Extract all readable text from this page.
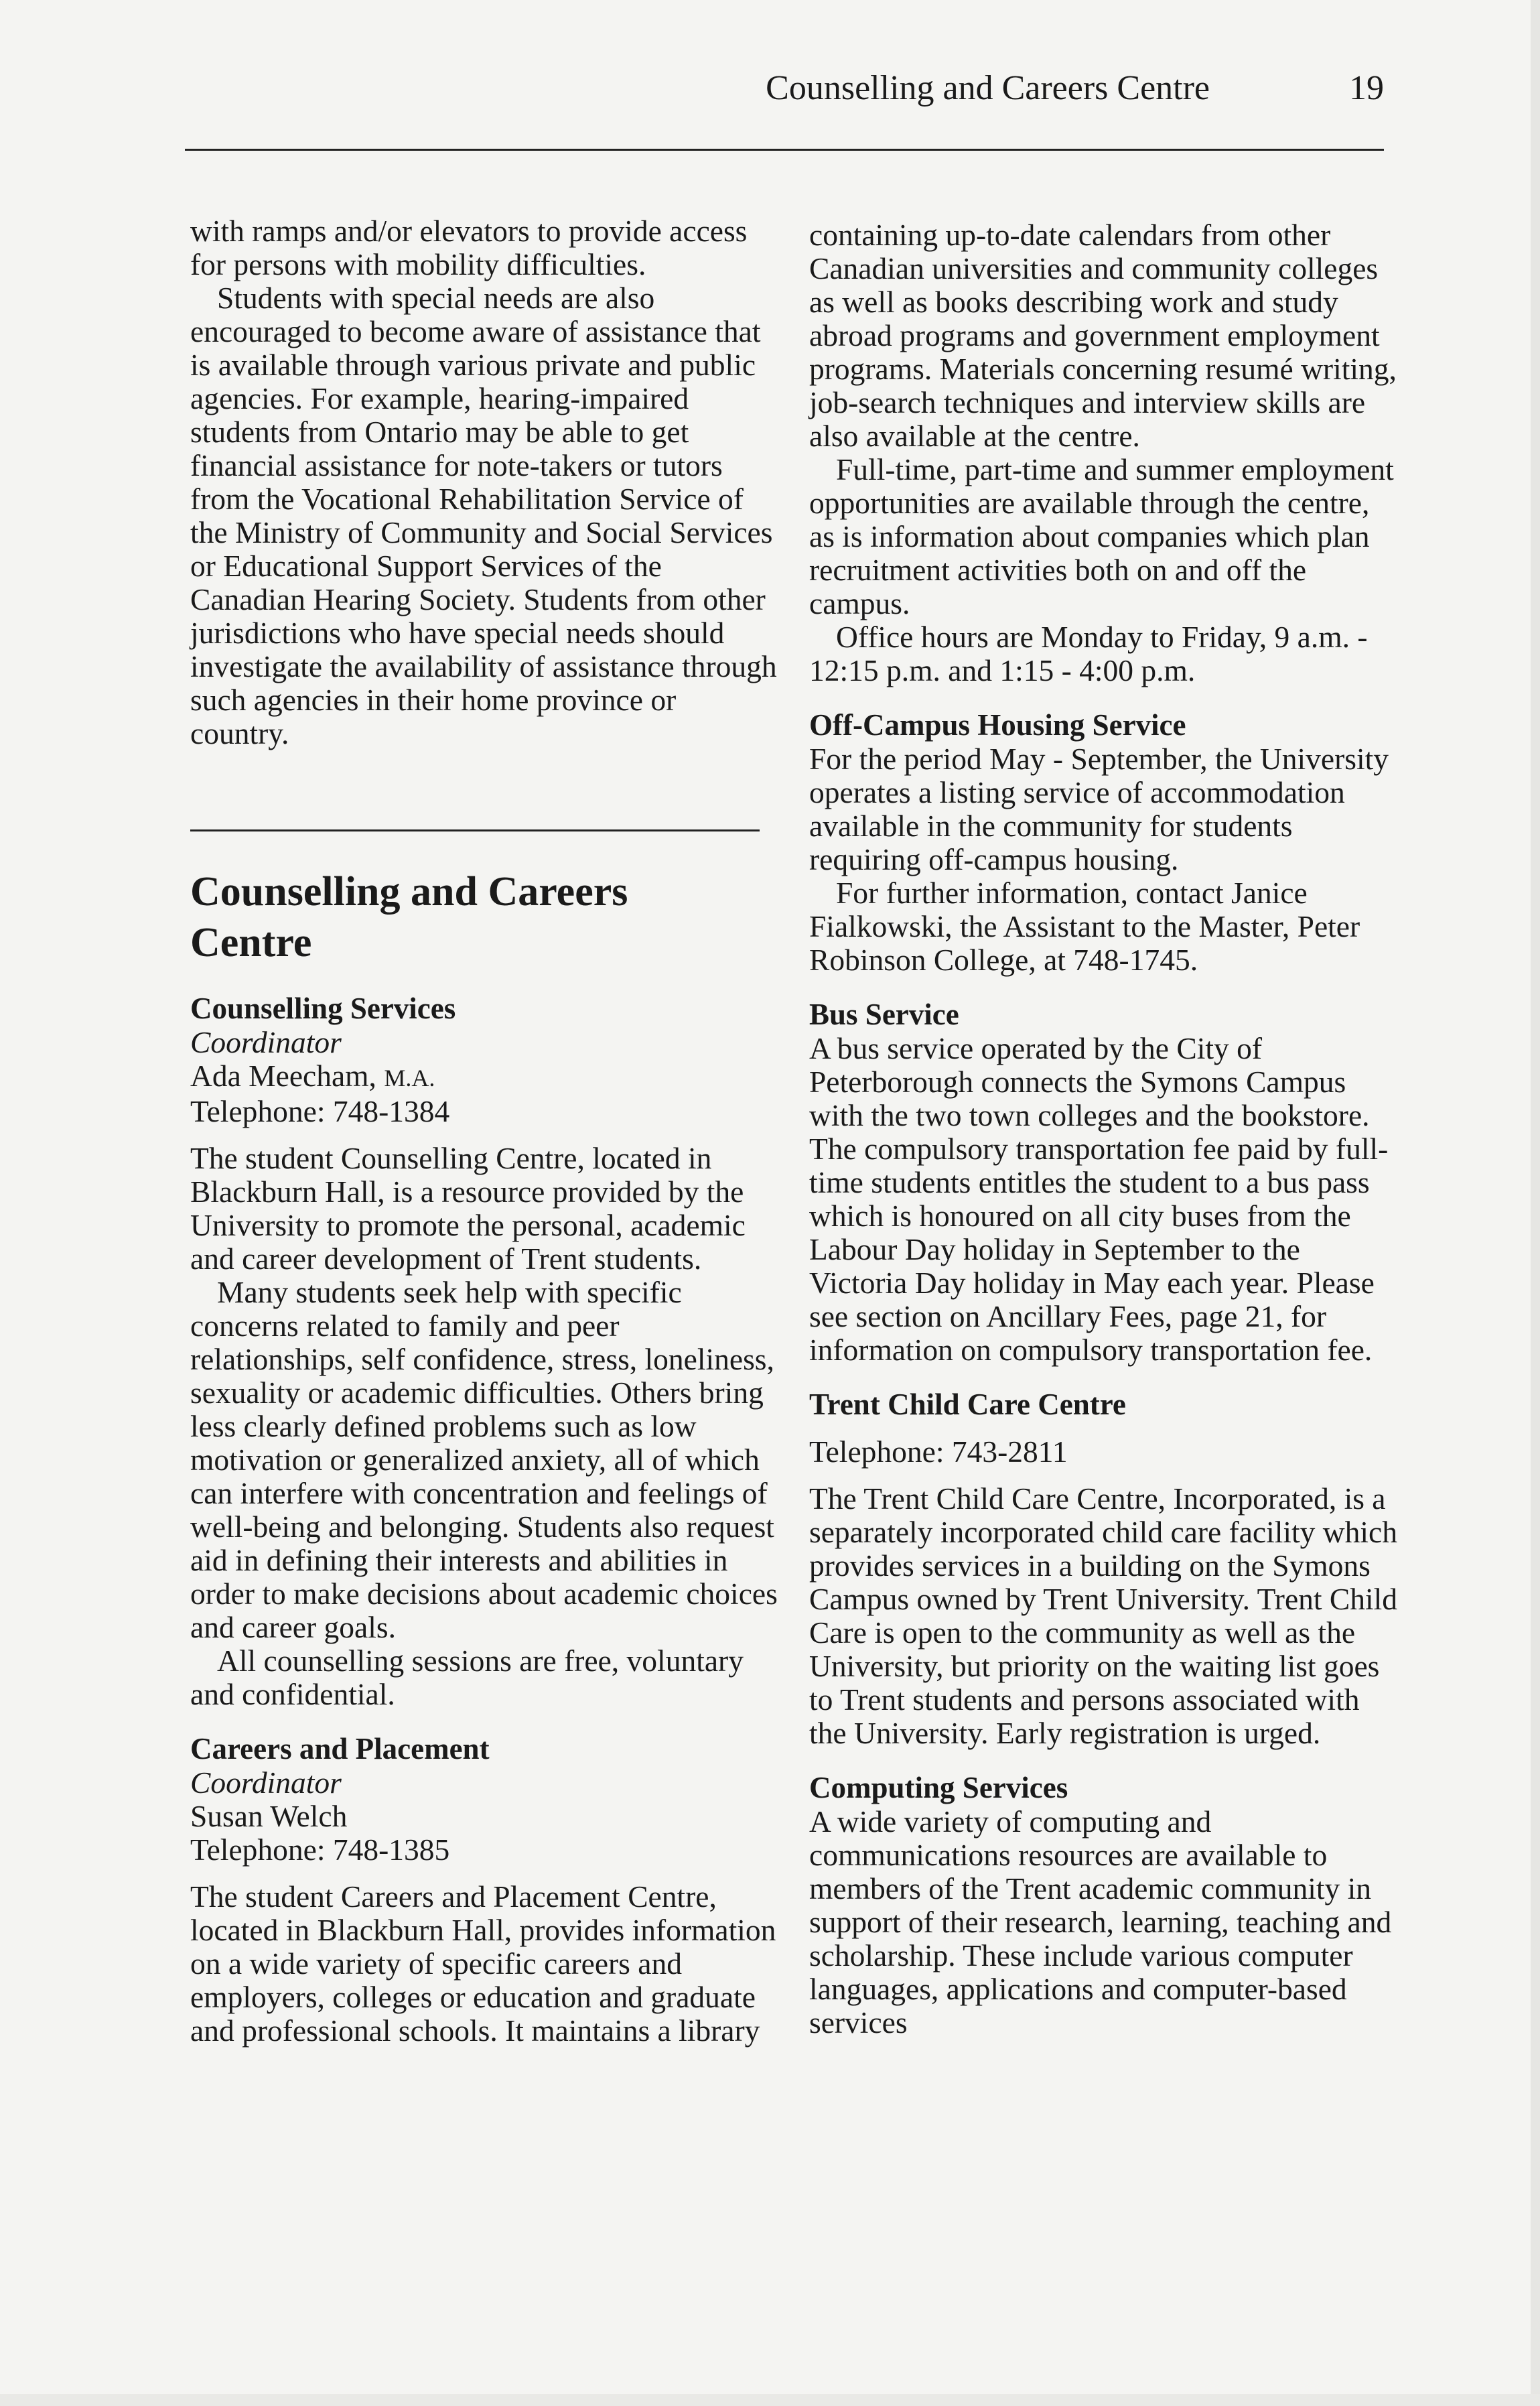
Counselling and Careers Centre	19

with ramps and/or elevators to provide access for persons with mobility difficulties.

Students with special needs are also encouraged to become aware of assistance that is available through various private and public agencies. For example, hearing-impaired students from Ontario may be able to get financial assistance for note-takers or tutors from the Vocational Rehabilitation Service of the Ministry of Community and Social Services or Educational Support Services of the Canadian Hearing Society. Students from other jurisdictions who have special needs should investigate the availability of assistance through such agencies in their home province or country.

Counselling and Careers Centre
Counselling Services

Coordinator

Ada Meecham, M.A.

Telephone: 748-1384

The student Counselling Centre, located in Blackburn Hall, is a resource provided by the University to promote the personal, academic and career development of Trent students.

Many students seek help with specific concerns related to family and peer relationships, self confidence, stress, loneliness, sexuality or academic difficulties. Others bring less clearly defined problems such as low motivation or generalized anxiety, all of which can interfere with concentration and feelings of well-being and belonging. Students also request aid in defining their interests and abilities in order to make decisions about academic choices and career goals.

All counselling sessions are free, voluntary and confidential.

Careers and Placement

Coordinator

Susan Welch

Telephone: 748-1385

The student Careers and Placement Centre, located in Blackburn Hall, provides information on a wide variety of specific careers and employers, colleges or education and graduate and professional schools. It maintains a library

containing up-to-date calendars from other Canadian universities and community colleges as well as books describing work and study abroad programs and government employment programs. Materials concerning resumé writing, job-search techniques and interview skills are also available at the centre.

Full-time, part-time and summer employment opportunities are available through the centre, as is information about companies which plan recruitment activities both on and off the campus.

Office hours are Monday to Friday, 9 a.m. - 12:15 p.m. and 1:15 - 4:00 p.m.

Off-Campus Housing Service

For the period May - September, the University operates a listing service of accommodation available in the community for students requiring off-campus housing.

For further information, contact Janice Fialkowski, the Assistant to the Master, Peter Robinson College, at 748-1745.

Bus Service

A bus service operated by the City of Peterborough connects the Symons Campus with the two town colleges and the bookstore. The compulsory transportation fee paid by full-time students entitles the student to a bus pass which is honoured on all city buses from the Labour Day holiday in September to the Victoria Day holiday in May each year. Please see section on Ancillary Fees, page 21, for information on compulsory transportation fee.

Trent Child Care Centre

Telephone: 743-2811

The Trent Child Care Centre, Incorporated, is a separately incorporated child care facility which provides services in a building on the Symons Campus owned by Trent University. Trent Child Care is open to the community as well as the University, but priority on the waiting list goes to Trent students and persons associated with the University. Early registration is urged.

Computing Services

A wide variety of computing and communications resources are available to members of the Trent academic community in support of their research, learning, teaching and scholarship. These include various computer languages, applications and computer-based services
